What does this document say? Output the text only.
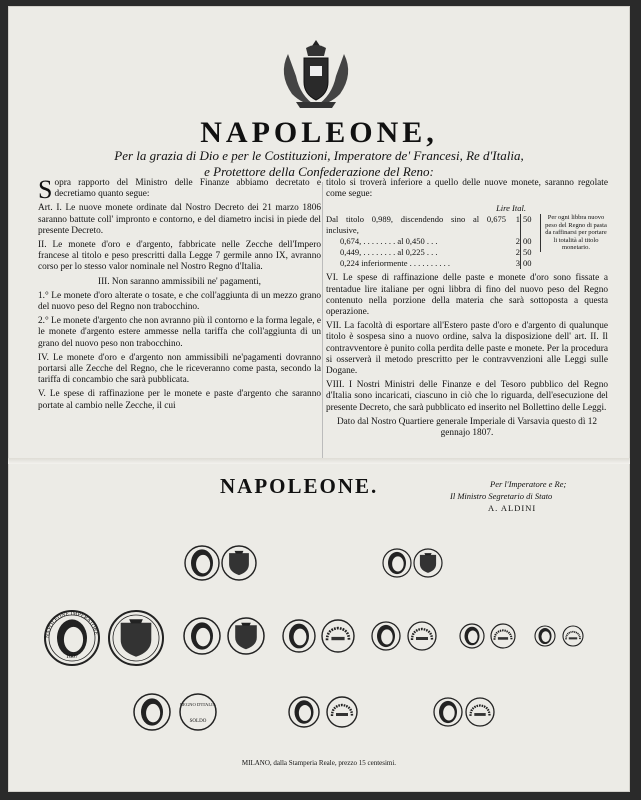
NAPOLEONE,
Per la grazia di Dio e per le Costituzioni, Imperatore de' Francesi, Re d'Italia,
e Protettore della Confederazione del Reno:

Sopra rapporto del Ministro delle Finanze abbiamo decretato e decretiamo quanto segue:

Art. I. Le nuove monete ordinate dal Nostro Decreto dei 21 marzo 1806 saranno battute coll' impronto e contorno, e del diametro incisi in piede del presente Decreto.

II. Le monete d'oro e d'argento, fabbricate nelle Zecche dell'Impero francese al titolo e peso prescritti dalla Legge 7 germile anno IX, avranno corso per lo stesso valor nominale nel Nostro Regno d'Italia.

III. Non saranno ammissibili ne' pagamenti,

1.° Le monete d'oro alterate o tosate, e che coll'aggiunta di un mezzo grano del nuovo peso del Regno non trabocchino.

2.° Le monete d'argento che non avranno più il contorno e la forma legale, e le monete d'argento estere ammesse nella tariffa che coll'aggiunta di un grano del nuovo peso non trabocchino.

IV. Le monete d'oro e d'argento non ammissibili ne'pagamenti dovranno portarsi alle Zecche del Regno, che le riceveranno come pasta, secondo la tariffa di concambio che sarà pubblicata.

V. Le spese di raffinazione per le monete e paste d'argento che saranno portate al cambio nelle Zecche, il cui

titolo si troverà inferiore a quello delle nuove monete, saranno regolate come segue:

Lire Ital.
Dal titolo 0,989, discendendo sino al 0,675 inclusive,
1 50
0,674, . . . . . . . . al 0,450 . . .	2 00
0,449, . . . . . . . . al 0,225 . . .	2 50
0,224 inferiormente . . . . . . . . . .	3 00
Per ogni libbra nuovo peso del Regno di pasta da raffinarsi per portare li totalità al titolo monetario.

VI. Le spese di raffinazione delle paste e monete d'oro sono fissate a trentadue lire italiane per ogni libbra di fino del nuovo peso del Regno contenuto nella porzione della materia che sarà sottoposta a questa operazione.

VII. La facoltà di esportare all'Estero paste d'oro e d'argento di qualunque titolo è sospesa sino a nuovo ordine, salva la disposizione dell' art. II. Il contravventore è punito colla perdita delle paste e monete. Per la procedura si osserverà il metodo prescritto per le contravvenzioni alle Leggi sulle Dogane.

VIII. I Nostri Ministri delle Finanze e del Tesoro pubblico del Regno d'Italia sono incaricati, ciascuno in ciò che lo riguarda, dell'esecuzione del presente Decreto, che sarà pubblicato ed inserito nel Bollettino delle Leggi.

Dato dal Nostro Quartiere generale Imperiale di Varsavia questo dì 12 gennajo 1807.

NAPOLEONE.	Per l'Imperatore e Re;
Il Ministro Segretario di Stato
A. ALDINI
NAPOLEONE IMPERATORE
1807
REGNO D'ITALIA
SOLDO
MILANO, dalla Stamperia Reale, prezzo 15 centesimi.
